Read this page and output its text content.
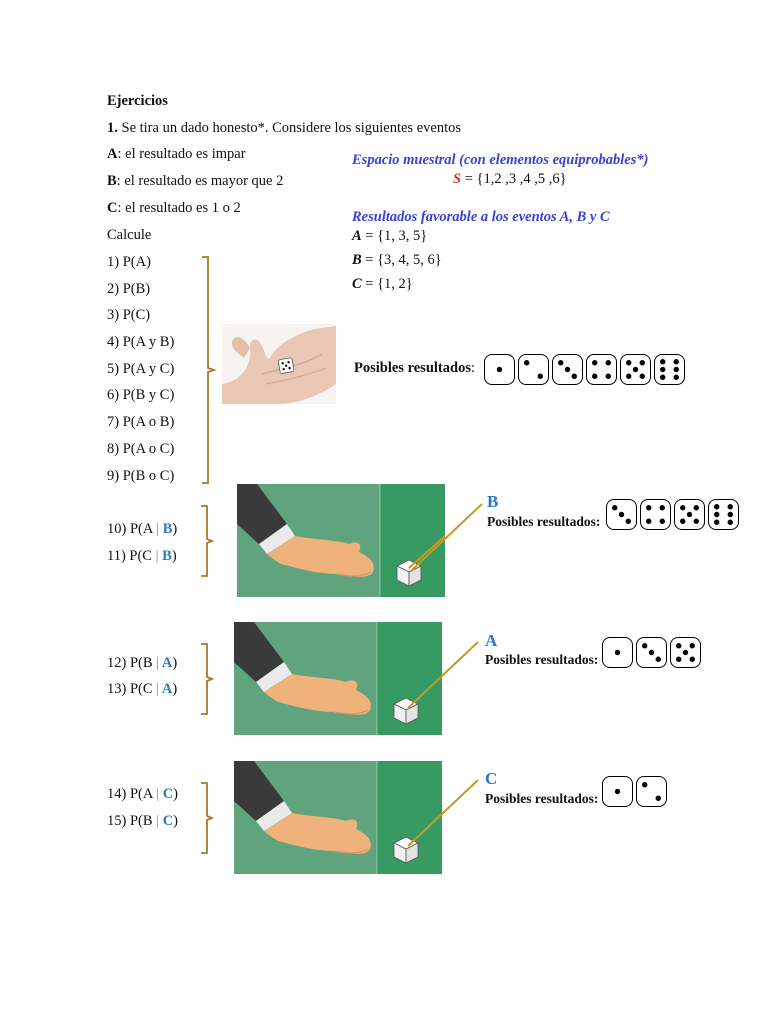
Ejercicios
1. Se tira un dado honesto*. Considere los siguientes eventos
A: el resultado es impar
B: el resultado es mayor que 2
C: el resultado es 1 o 2
Calcule
1) P(A)
2) P(B)
3) P(C)
4) P(A y B)
5) P(A y C)
6) P(B y C)
7) P(A o B)
8) P(A o C)
9) P(B o C)
Espacio muestral (con elementos equiprobables*)
S = {1,2 ,3 ,4 ,5 ,6}
Resultados favorable a los eventos A, B y C
A = {1, 3, 5}
B = {3, 4, 5, 6}
C = {1, 2}
Posibles resultados:
10) P(A | B)
11) P(C | B)
12) P(B | A)
13) P(C | A)
14) P(A | C)
15) P(B | C)
B
Posibles resultados:
A
Posibles resultados:
C
Posibles resultados:
